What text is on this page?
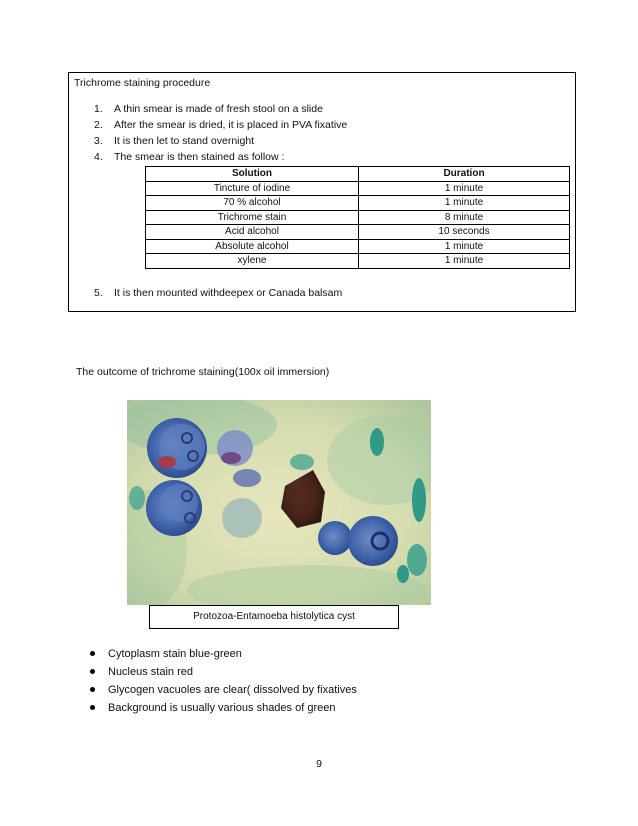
Trichrome staining procedure
1. A thin smear is made of fresh stool on a slide
2. After the smear is dried, it is placed in PVA fixative
3. It is then let to stand overnight
4. The smear is then stained as follow :
5. It is then mounted withdeepex or Canada balsam
Solution	Duration
Tincture of iodine	1 minute
70 % alcohol	1 minute
Trichrome stain	8 minute
Acid alcohol	10 seconds
Absolute alcohol	1 minute
xylene	1 minute
The outcome of trichrome staining(100x oil immersion)
Protozoa-Entamoeba histolytica cyst
Cytoplasm stain blue-green
Nucleus stain red
Glycogen vacuoles are clear( dissolved by fixatives
Background is usually various shades of green
9
